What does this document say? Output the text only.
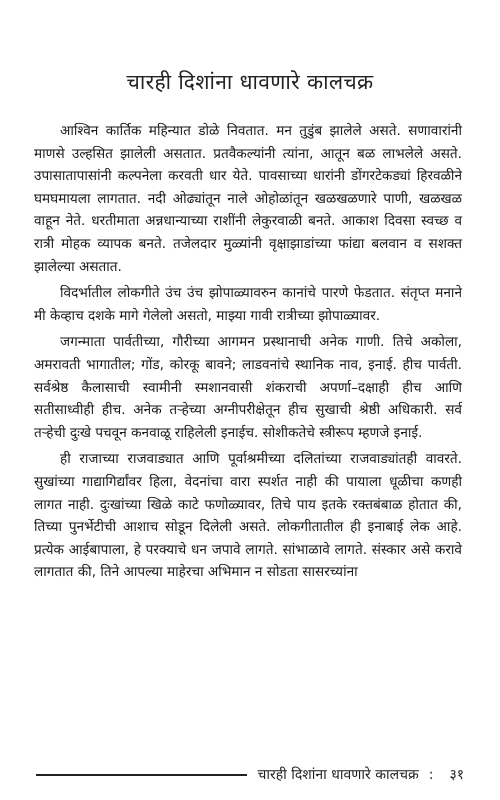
चारही दिशांना धावणारे कालचक्र

आश्विन कार्तिक महिन्यात डोळे निवतात. मन तुडुंब झालेले असते. सणावारांनी माणसे उल्हसित झालेली असतात. प्रतवैकल्यांनी त्यांना, आतून बळ लाभलेले असते. उपासातापासांनी कल्पनेला करवती धार येते. पावसाच्या धारांनी डोंगरटेकड्यां हिरवळीने घमघमायला लागतात. नदी ओढ्यांतून नाले ओहोळांतून खळखळणारे पाणी, खळखळ वाहून नेते. धरतीमाता अन्नधान्याच्या राशींनी लेकुरवाळी बनते. आकाश दिवसा स्वच्छ व रात्री मोहक व्यापक बनते. तजेलदार मुळ्यांनी वृक्षाझाडांच्या फांद्या बलवान व सशक्त झालेल्या असतात.

विदर्भातील लोकगीते उंच उंच झोपाळ्यावरुन कानांचे पारणे फेडतात. संतृप्त मनाने मी केव्हाच दशके मागे गेलेलो असतो, माझ्या गावी रात्रीच्या झोपाळ्यावर.

जगन्माता पार्वतीच्या, गौरीच्या आगमन प्रस्थानाची अनेक गाणी. तिचे अकोला, अमरावती भागातील; गोंड, कोरकू बावने; लाडवनांचे स्थानिक नाव, इनाई. हीच पार्वती. सर्वश्रेष्ठ कैलासाची स्वामीनी स्मशानवासी शंकराची अपर्णा–दक्षाही हीच आणि सतीसाध्वीही हीच. अनेक तऱ्हेच्या अग्नीपरीक्षेतून हीच सुखाची श्रेष्ठी अधिकारी. सर्व तऱ्हेची दुःखे पचवून कनवाळू राहिलेली इनाईच. सोशीकतेचे स्त्रीरूप म्हणजे इनाई.

ही राजाच्या राजवाड्यात आणि पूर्वाश्रमीच्या दलितांच्या राजवाड्यांतही वावरते. सुखांच्या गाद्यागिर्द्यांवर हिला, वेदनांचा वारा स्पर्शत नाही की पायाला धूळीचा कणही लागत नाही. दुःखांच्या खिळे काटे फणोळ्यावर, तिचे पाय इतके रक्तबंबाळ होतात की, तिच्या पुनर्भेटीची आशाच सोडून दिलेली असते. लोकगीतातील ही इनाबाई लेक आहे. प्रत्येक आईबापाला, हे परक्याचे धन जपावे लागते. सांभाळावे लागते. संस्कार असे करावे लागतात की, तिने आपल्या माहेरचा अभिमान न सोडता सासरच्यांना

चारही दिशांना धावणारे कालचक्र : ३१
